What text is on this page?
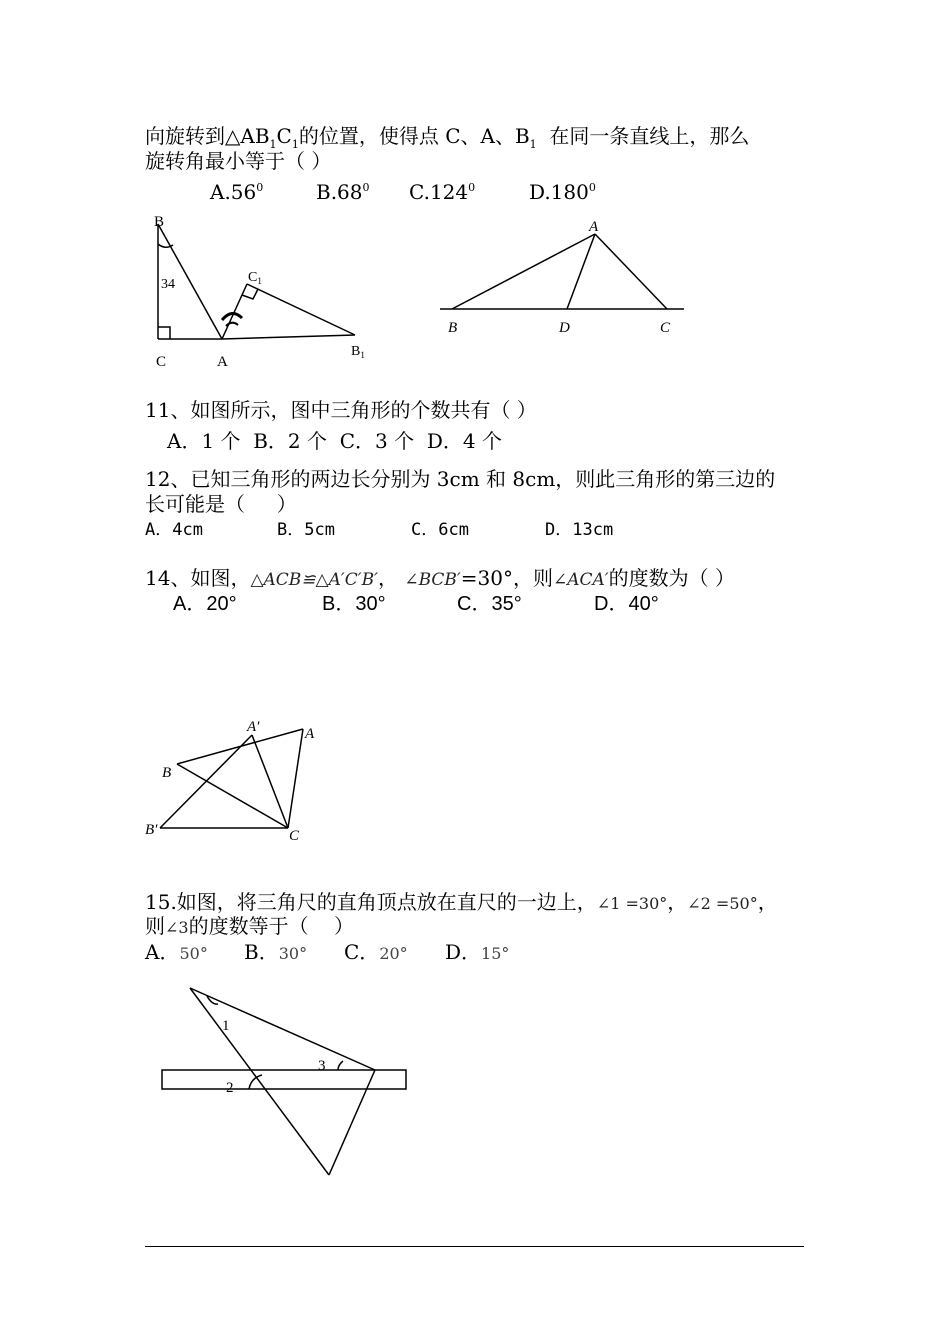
向旋转到$\triangle AB_1C_1$的位置，使得点 C、A、$B_1$  在同一条直线上，那么
旋转角最小等于（ ）
$A.56^0$	$B.68^0$ C.124$^0$	D.180$^0$
B
34
C	A
$C_1$
$B_1$
A
B	D	C
11、如图所示，图中三角形的个数共有（ ）
A．1 个  B．2 个  C．3 个  D．4 个
12、已知三角形的两边长分别为 3cm 和 8cm，则此三角形的第三边的
长可能是（     ）
A．4cm	B．5cm	C．6cm	D．13cm
14、如图，△ACB≌△A′C′B′， ∠BCB′=30°，则∠ACA′的度数为（ ）
A．20°	B．30°	C．35°	D．40°
A′	A
B
B′	C
15.如图，将三角尺的直角顶点放在直尺的一边上，∠1 =30°，∠2 =50°，
则∠3的度数等于（    ）
A．50° B．30° C．20° D．15°
1
2
3
